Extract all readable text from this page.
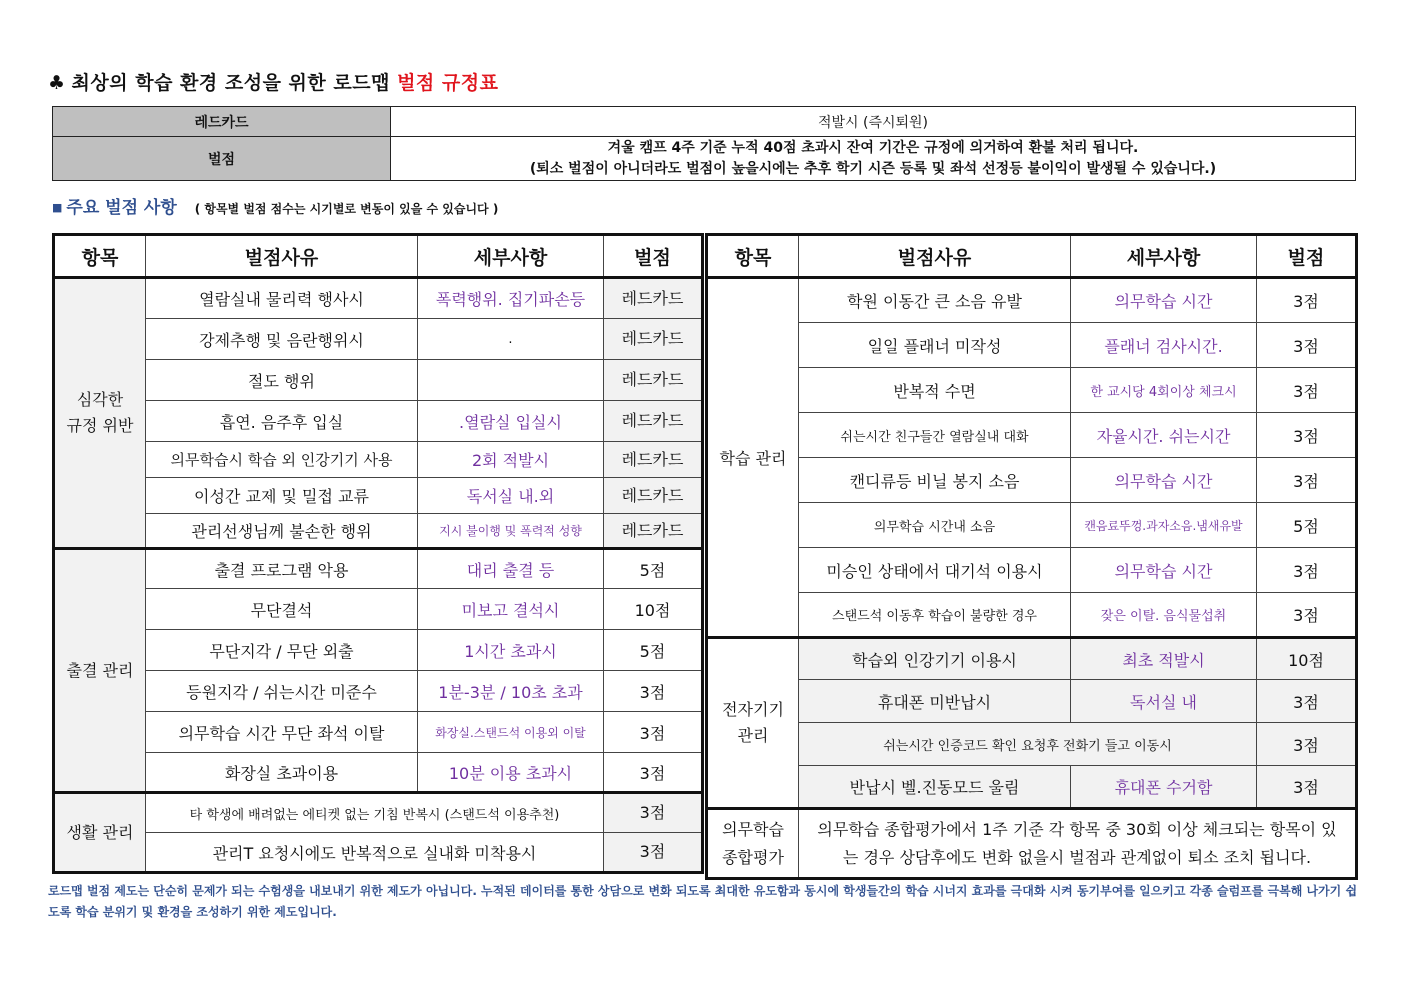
♣ 최상의 학습 환경 조성을 위한 로드맵 벌점 규정표
레드카드	적발시 (즉시퇴원)
벌점	겨울 캠프 4주 기준 누적 40점 초과시 잔여 기간은 규정에 의거하여 환불 처리 됩니다.
(퇴소 벌점이 아니더라도 벌점이 높을시에는 추후 학기 시즌 등록 및 좌석 선정등 불이익이 발생될 수 있습니다.)
■ 주요 벌점 사항 ( 항목별 벌점 점수는 시기별로 변동이 있을 수 있습니다 )
항목	벌점사유	세부사항	벌점
심각한
규정 위반	열람실내 물리력 행사시	폭력행위. 집기파손등	레드카드
	강제추행 및 음란행위시	.	레드카드
	절도 행위		레드카드
	흡연. 음주후 입실	.열람실 입실시	레드카드
	의무학습시 학습 외 인강기기 사용	2회 적발시	레드카드
	이성간 교제 및 밀접 교류	독서실 내.외	레드카드
	관리선생님께 불손한 행위	지시 불이행 및 폭력적 성향	레드카드
출결 관리	출결 프로그램 악용	대리 출결 등	5점
	무단결석	미보고 결석시	10점
	무단지각 / 무단 외출	1시간 초과시	5점
	등원지각 / 쉬는시간 미준수	1분-3분 / 10초 초과	3점
	의무학습 시간 무단 좌석 이탈	화장실.스탠드석 이용외 이탈	3점
	화장실 초과이용	10분 이용 초과시	3점
생활 관리	타 학생에 배려없는 에티켓 없는 기침 반복시 (스탠드석 이용추천)		3점
	관리T 요청시에도 반복적으로 실내화 미착용시		3점
항목	벌점사유	세부사항	벌점
학습 관리	학원 이동간 큰 소음 유발	의무학습 시간	3점
	일일 플래너 미작성	플래너 검사시간.	3점
	반복적 수면	한 교시당 4회이상 체크시	3점
	쉬는시간 친구들간 열람실내 대화	자율시간. 쉬는시간	3점
	캔디류등 비닐 봉지 소음	의무학습 시간	3점
	의무학습 시간내 소음	캔음료뚜껑.과자소음.냄새유발	5점
	미승인 상태에서 대기석 이용시	의무학습 시간	3점
	스탠드석 이동후 학습이 불량한 경우	잦은 이탈. 음식물섭취	3점
전자기기
관리	학습외 인강기기 이용시	최초 적발시	10점
	휴대폰 미반납시	독서실 내	3점
	쉬는시간 인증코드 확인 요청후 전화기 들고 이동시		3점
	반납시 벨.진동모드 울림	휴대폰 수거함	3점
의무학습
종합평가	의무학습 종합평가에서 1주 기준 각 항목 중 30회 이상 체크되는 항목이 있는 경우 상담후에도 변화 없을시 벌점과 관계없이 퇴소 조치 됩니다.		
로드맵 벌점 제도는 단순히 문제가 되는 수험생을 내보내기 위한 제도가 아닙니다. 누적된 데이터를 통한 상담으로 변화 되도록 최대한 유도함과 동시에 학생들간의 학습 시너지 효과를 극대화 시켜 동기부여를 일으키고 각종 슬럼프를 극복해 나가기 쉽도록 학습 분위기 및 환경을 조성하기 위한 제도입니다.
